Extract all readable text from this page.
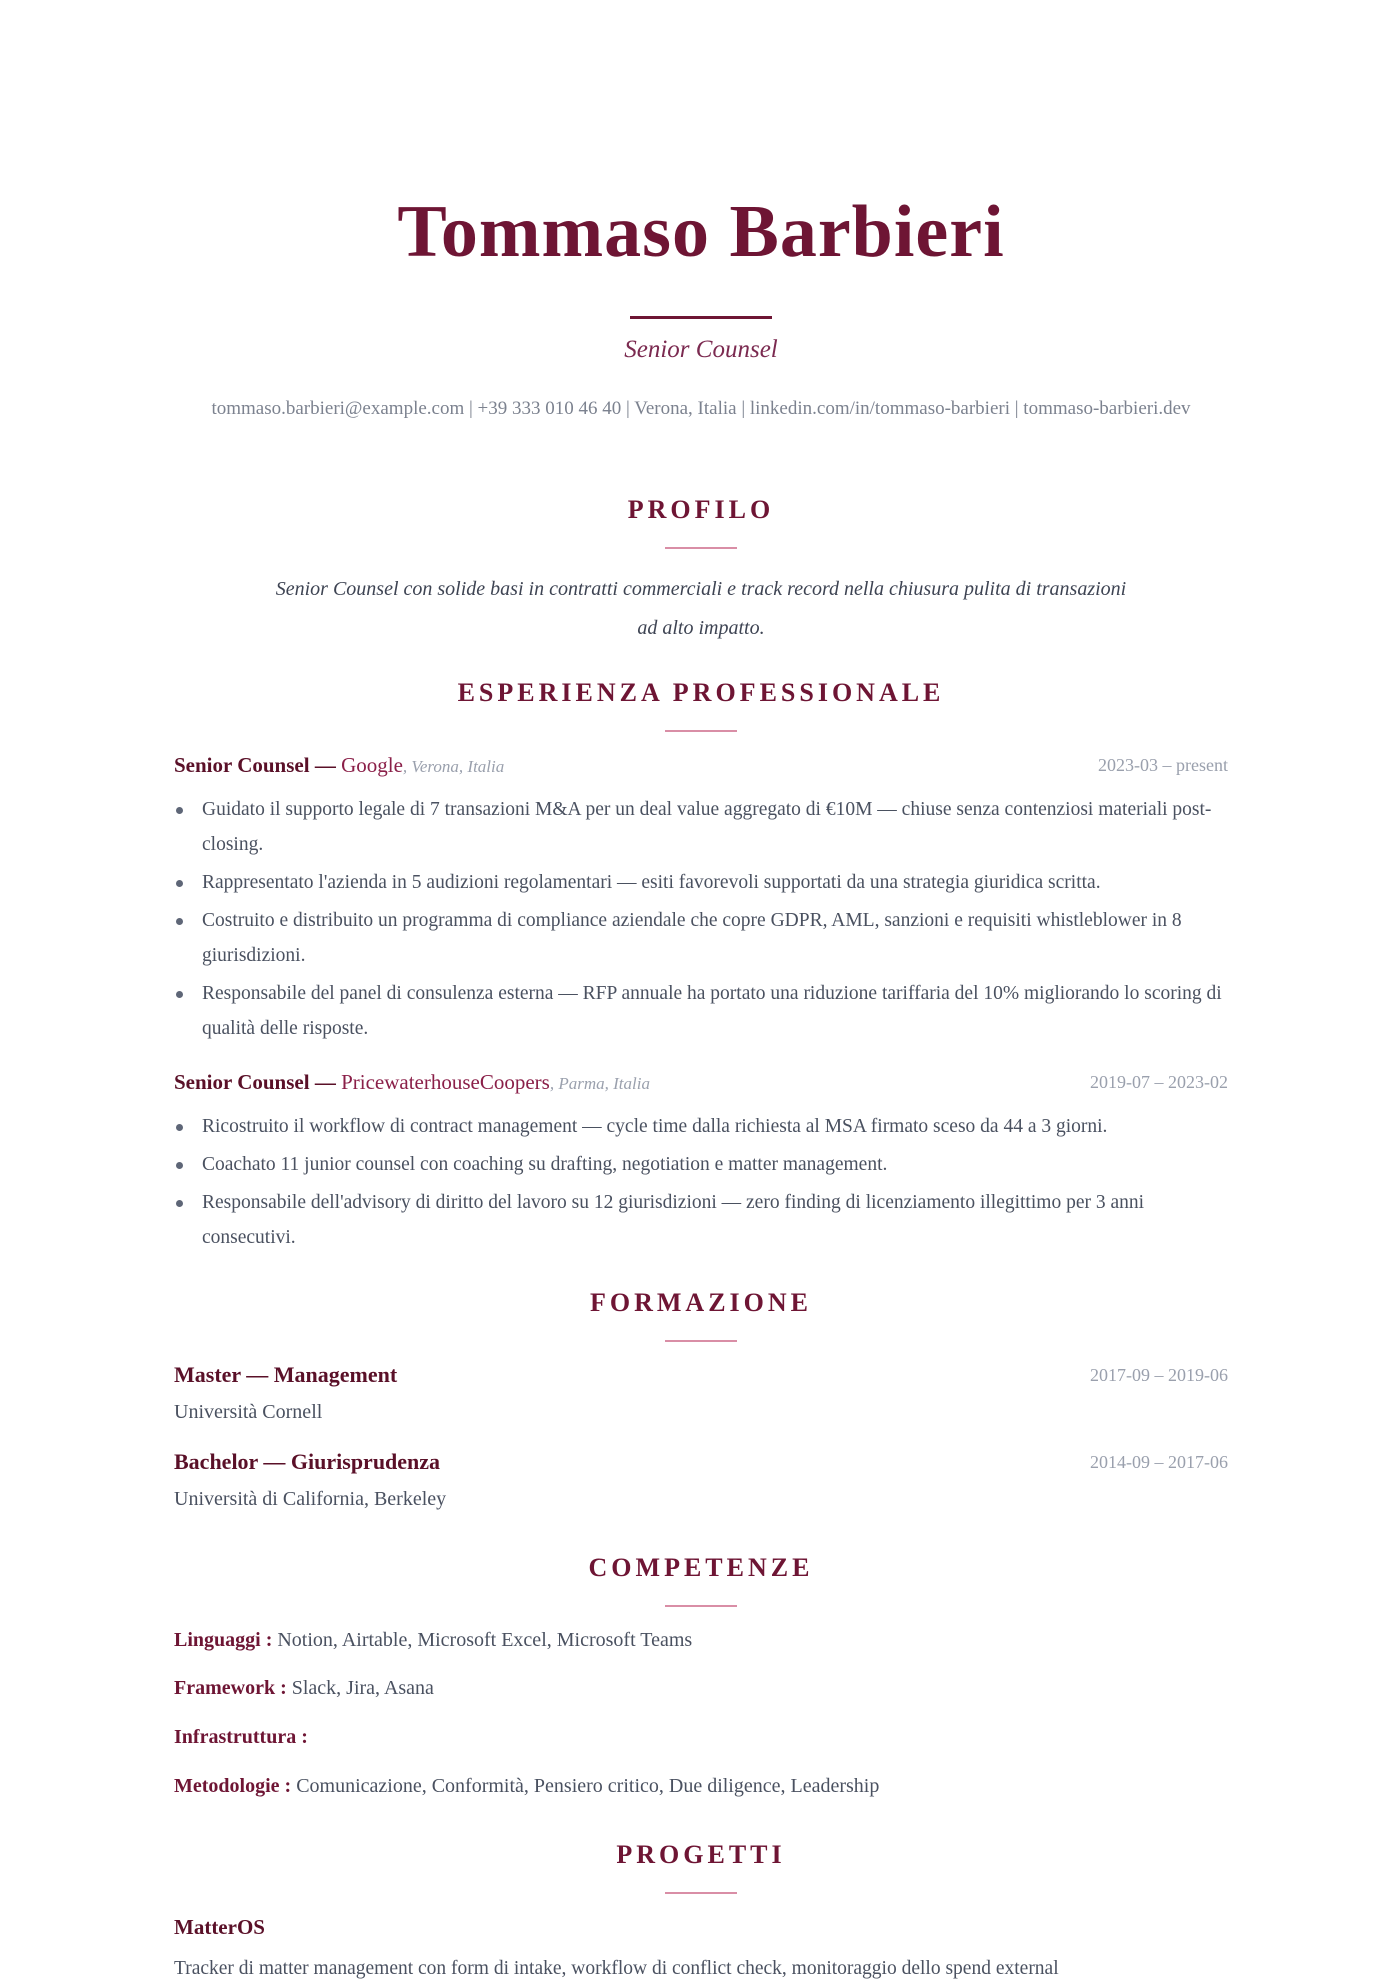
Tommaso Barbieri
Senior Counsel
tommaso.barbieri@example.com | +39 333 010 46 40 | Verona, Italia | linkedin.com/in/tommaso-barbieri | tommaso-barbieri.dev
PROFILO
Senior Counsel con solide basi in contratti commerciali e track record nella chiusura pulita di transazioni ad alto impatto.
ESPERIENZA PROFESSIONALE
Senior Counsel — Google, Verona, Italia	2023-03 – present
Guidato il supporto legale di 7 transazioni M&A per un deal value aggregato di €10M — chiuse senza contenziosi materiali post-closing.
Rappresentato l'azienda in 5 audizioni regolamentari — esiti favorevoli supportati da una strategia giuridica scritta.
Costruito e distribuito un programma di compliance aziendale che copre GDPR, AML, sanzioni e requisiti whistleblower in 8 giurisdizioni.
Responsabile del panel di consulenza esterna — RFP annuale ha portato una riduzione tariffaria del 10% migliorando lo scoring di qualità delle risposte.
Senior Counsel — PricewaterhouseCoopers, Parma, Italia	2019-07 – 2023-02
Ricostruito il workflow di contract management — cycle time dalla richiesta al MSA firmato sceso da 44 a 3 giorni.
Coachato 11 junior counsel con coaching su drafting, negotiation e matter management.
Responsabile dell'advisory di diritto del lavoro su 12 giurisdizioni — zero finding di licenziamento illegittimo per 3 anni consecutivi.
FORMAZIONE
Master — Management	2017-09 – 2019-06
Università Cornell
Bachelor — Giurisprudenza	2014-09 – 2017-06
Università di California, Berkeley
COMPETENZE
Linguaggi : Notion, Airtable, Microsoft Excel, Microsoft Teams
Framework : Slack, Jira, Asana
Infrastruttura :
Metodologie : Comunicazione, Conformità, Pensiero critico, Due diligence, Leadership
PROGETTI
MatterOS
Tracker di matter management con form di intake, workflow di conflict check, monitoraggio dello spend external
